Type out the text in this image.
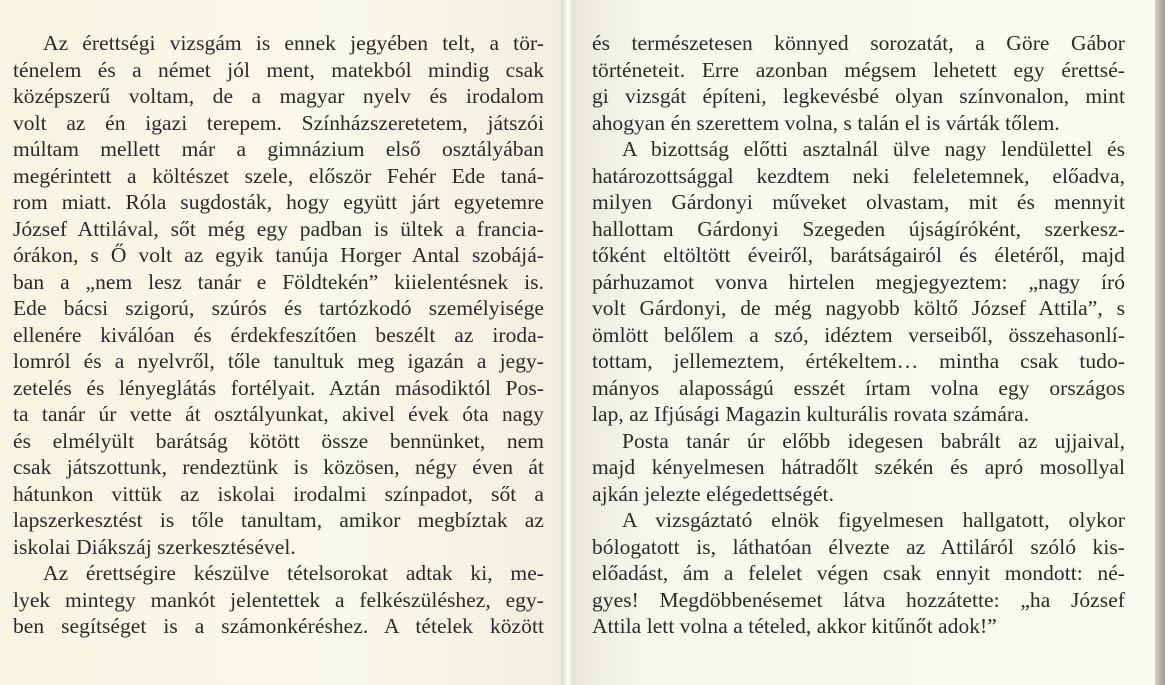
Az érettségi vizsgám is ennek jegyében telt, a tör-
ténelem és a német jól ment, matekból mindig csak
középszerű voltam, de a magyar nyelv és irodalom
volt az én igazi terepem. Színházszeretetem, játszói
múltam mellett már a gimnázium első osztályában
megérintett a költészet szele, először Fehér Ede taná-
rom miatt. Róla sugdosták, hogy együtt járt egyetemre
József Attilával, sőt még egy padban is ültek a francia-
órákon, s Ő volt az egyik tanúja Horger Antal szobájá-
ban a „nem lesz tanár e Földtekén” kiielentésnek is.
Ede bácsi szigorú, szúrós és tartózkodó személyisége
ellenére kiválóan és érdekfeszítően beszélt az iroda-
lomról és a nyelvről, tőle tanultuk meg igazán a jegy-
zetelés és lényeglátás fortélyait. Aztán másodiktól Pos-
ta tanár úr vette át osztályunkat, akivel évek óta nagy
és elmélyült barátság kötött össze bennünket, nem
csak játszottunk, rendeztünk is közösen, négy éven át
hátunkon vittük az iskolai irodalmi színpadot, sőt a
lapszerkesztést is tőle tanultam, amikor megbíztak az
iskolai Diákszáj szerkesztésével.
Az érettségire készülve tételsorokat adtak ki, me-
lyek mintegy mankót jelentettek a felkészüléshez, egy-
ben segítséget is a számonkéréshez. A tételek között
és természetesen könnyed sorozatát, a Göre Gábor
történeteit. Erre azonban mégsem lehetett egy érettsé-
gi vizsgát építeni, legkevésbé olyan színvonalon, mint
ahogyan én szerettem volna, s talán el is várták tőlem.
A bizottság előtti asztalnál ülve nagy lendülettel és
határozottsággal kezdtem neki feleletemnek, előadva,
milyen Gárdonyi műveket olvastam, mit és mennyit
hallottam Gárdonyi Szegeden újságíróként, szerkesz-
tőként eltöltött éveiről, barátságairól és életéről, majd
párhuzamot vonva hirtelen megjegyeztem: „nagy író
volt Gárdonyi, de még nagyobb költő József Attila”, s
ömlött belőlem a szó, idéztem verseiből, összehasonlí-
tottam, jellemeztem, értékeltem… mintha csak tudo-
mányos alaposságú esszét írtam volna egy országos
lap, az Ifjúsági Magazin kulturális rovata számára.
Posta tanár úr előbb idegesen babrált az ujjaival,
majd kényelmesen hátradőlt székén és apró mosollyal
ajkán jelezte elégedettségét.
A vizsgáztató elnök figyelmesen hallgatott, olykor
bólogatott is, láthatóan élvezte az Attiláról szóló kis-
előadást, ám a felelet végen csak ennyit mondott: né-
gyes! Megdöbbenésemet látva hozzátette: „ha József
Attila lett volna a tételed, akkor kitűnőt adok!”
